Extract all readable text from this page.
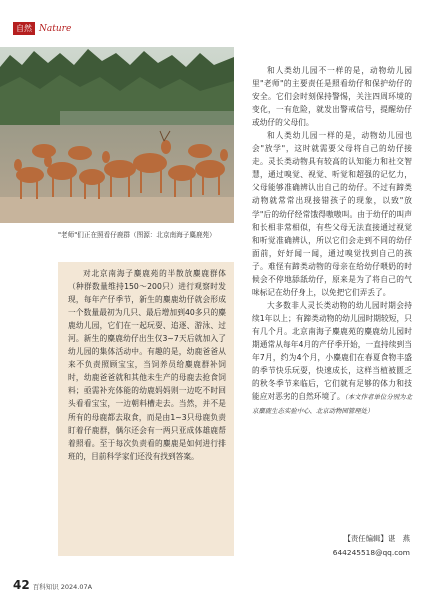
自然 Nature
"老师"们正在照看仔鹿群（图源：北京南海子麋鹿苑）
对北京南海子麋鹿苑的半散放麋鹿群体（种群数量维持150～200只）进行观察时发现，每年产仔季节，新生的麋鹿幼仔就会形成一个数量最初为几只、最后增加到40多只的麋鹿幼儿园，它们在一起玩耍、追逐、游泳、过河。新生的麋鹿幼仔出生仅3~7天后就加入了幼儿园的集体活动中。有趣的是，幼鹿爸爸从来不负责照顾宝宝，当饲养员给麋鹿群补饲时，幼鹿爸爸就和其他未生产的母鹿去抢食饲料；亟需补充体能的幼鹿妈妈则一边吃不时回头看看宝宝，一边朝料槽走去。当然，并不是所有的母鹿都去取食，而是由1~3只母鹿负责盯着仔鹿群，偶尔还会有一两只亚成体雄鹿帮着照看。至于每次负责看的麋鹿是如何进行排班的，目前科学家们还没有找到答案。

和人类幼儿园不一样的是，动物幼儿园里"老师"的主要责任是照看幼仔和保护幼仔的安全。它们会时刻保持警惕，关注四周环境的变化，一有危险，就发出警戒信号，提醒幼仔或幼仔的父母们。

和人类幼儿园一样的是，动物幼儿园也会"放学"，这时就需要父母将自己的幼仔接走。灵长类动物具有较高的认知能力和社交智慧，通过嗅觉、视觉、听觉和超强的记忆力，父母能够准确辨认出自己的幼仔。不过有蹄类动物就常常出现接错孩子的现象，以致"放学"后的幼仔经常饿得嗷嗷叫。由于幼仔的叫声和长相非常相似，有些父母无法直接通过视觉和听觉准确辨认，所以它们会走到不同的幼仔面前，好好闻一闻，通过嗅觉找到自己的孩子。难怪有蹄类动物的母亲在给幼仔喂奶的时候会不停地舔舐幼仔，原来是为了将自己的气味标记在幼仔身上，以免把它们弄丢了。

大多数非人灵长类动物的幼儿园时期会持续1年以上；有蹄类动物的幼儿园时期较短，只有几个月。北京南海子麋鹿苑的麋鹿幼儿园时期通常从每年4月的产仔季开始，一直持续到当年7月，约为4个月，小麋鹿们在春夏食物丰盛的季节快乐玩耍，快速成长，这样当植被匮乏的秋冬季节来临后，它们就有足够的体力和技能应对恶劣的自然环境了。（本文作者单位分别为北京麋鹿生态实验中心、北京动物园管理处）

【责任编辑】谌　燕
644245518@qq.com
42 百科知识 2024.07A
